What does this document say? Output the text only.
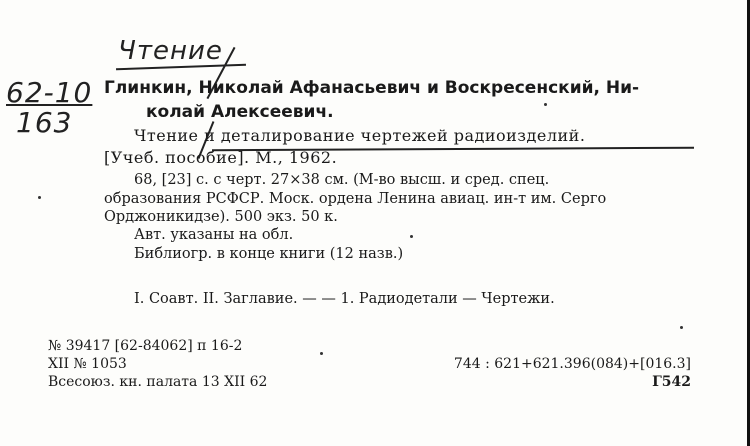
Чтение
62-10
163
Глинкин, Николай Афанасьевич и Воскресенский, Ни-
колай Алексеевич.
Чтение и деталирование чертежей радиоизделий.
[Учеб. пособие]. М., 1962.
68, [23] с. с черт. 27×38 см. (М-во высш. и сред. спец.
образования РСФСР. Моск. ордена Ленина авиац. ин-т им. Серго
Орджоникидзе). 500 экз. 50 к.
Авт. указаны на обл.
Библиогр. в конце книги (12 назв.)
I. Соавт. II. Заглавие. — — 1. Радиодетали — Чертежи.
№ 39417 [62-84062] п 16-2
XII № 1053
Всесоюз. кн. палата 13 XII 62
744 : 621+621.396(084)+[016.3]
Г542
